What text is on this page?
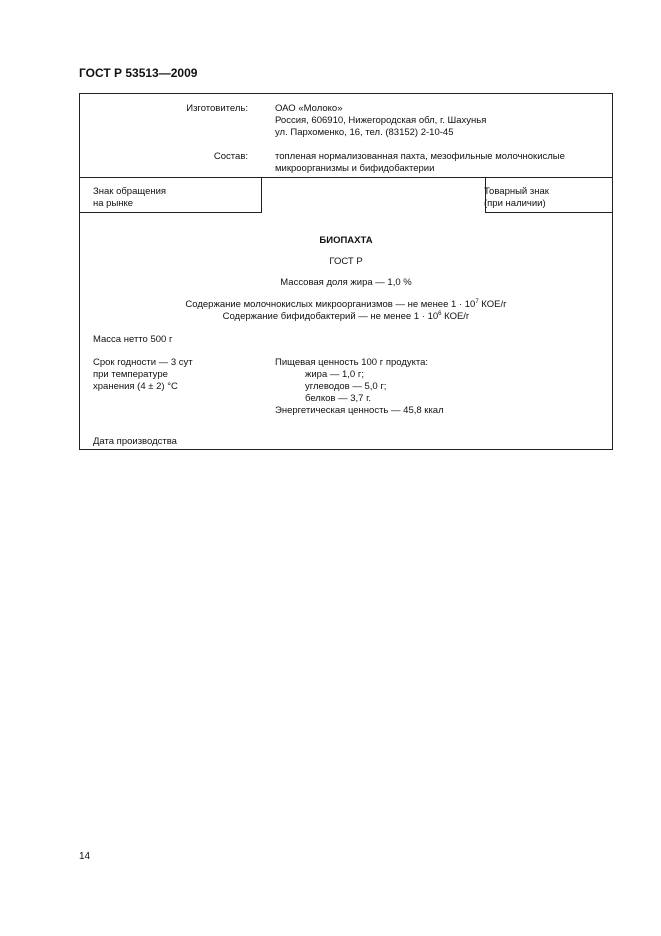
ГОСТ Р 53513—2009
Изготовитель:	ОАО «Молоко»
Россия, 606910, Нижегородская обл, г. Шахунья
ул. Пархоменко, 16, тел. (83152) 2-10-45
Состав:	топленая нормализованная пахта, мезофильные молочнокислые
микроорганизмы и бифидобактерии
Знак обращения
на рынке
Товарный знак
(при наличии)
БИОПАХТА
ГОСТ Р
Массовая доля жира — 1,0 %
Содержание молочнокислых микроорганизмов — не менее $1 \cdot 10^7$ КОЕ/г
Содержание бифидобактерий — не менее $1 \cdot 10^6$ КОЕ/г
Масса нетто 500 г
Срок годности — 3 сут
при температуре
хранения (4 ± 2) °С
Пищевая ценность 100 г продукта:
жира — 1,0 г;
углеводов — 5,0 г;
белков — 3,7 г.
Энергетическая ценность — 45,8 ккал
Дата производства
14
